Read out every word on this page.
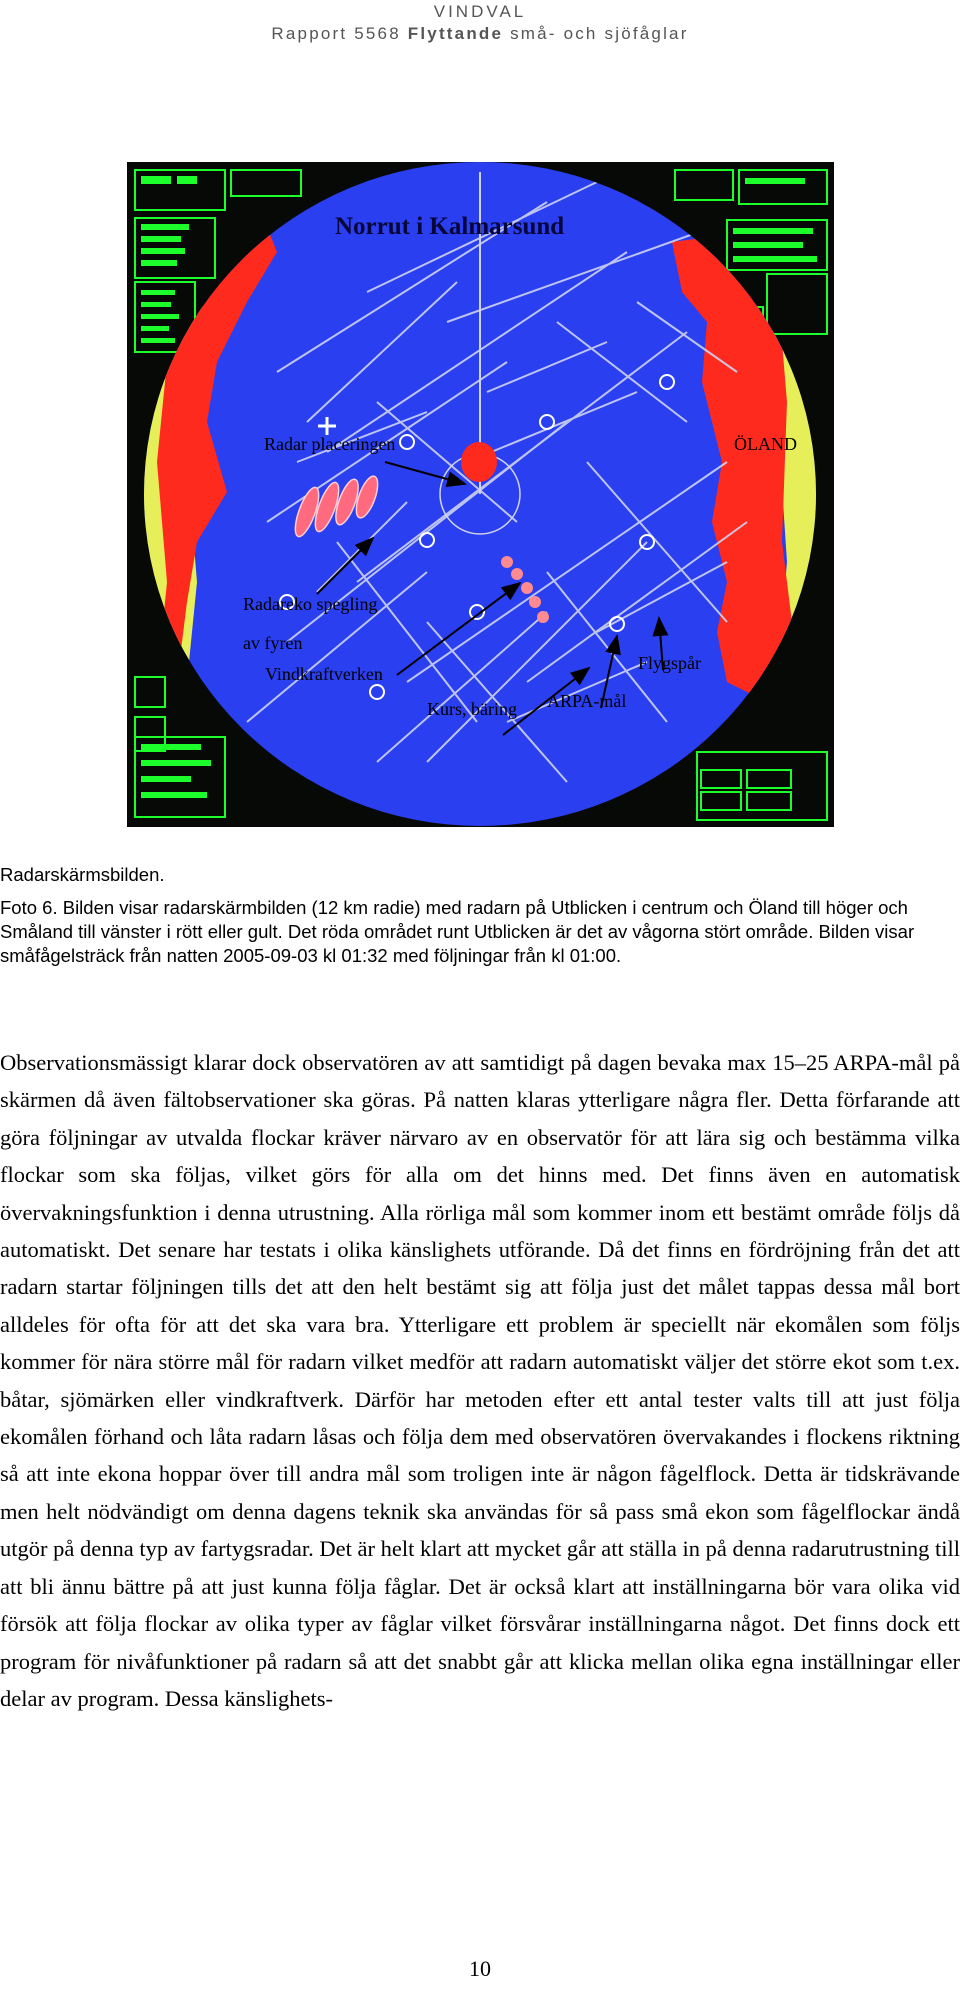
VINDVAL
Rapport 5568 Flyttande små- och sjöfåglar
Norrut i Kalmarsund
Radar placeringen	ÖLAND
Radareko spegling
av fyren
Vindkraftverken
Flygspår
Kurs, bäring ARPA-mål
Radarskärmsbilden.
Foto 6. Bilden visar radarskärmbilden (12 km radie) med radarn på Utblicken i centrum och Öland till höger och Småland till vänster i rött eller gult. Det röda området runt Utblicken är det av vågorna stört område. Bilden visar småfågelsträck från natten 2005-09-03 kl 01:32 med följningar från kl 01:00.
Observationsmässigt klarar dock observatören av att samtidigt på dagen bevaka max 15–25 ARPA-mål på skärmen då även fältobservationer ska göras. På natten klaras ytterligare några fler. Detta förfarande att göra följningar av utvalda flockar kräver närvaro av en observatör för att lära sig och bestämma vilka flockar som ska följas, vilket görs för alla om det hinns med. Det finns även en automatisk övervakningsfunktion i denna utrustning. Alla rörliga mål som kommer inom ett bestämt område följs då automatiskt. Det senare har testats i olika känslighets utförande. Då det finns en fördröjning från det att radarn startar följningen tills det att den helt bestämt sig att följa just det målet tappas dessa mål bort alldeles för ofta för att det ska vara bra. Ytterligare ett problem är speciellt när ekomålen som följs kommer för nära större mål för radarn vilket medför att radarn automatiskt väljer det större ekot som t.ex. båtar, sjömärken eller vindkraftverk. Därför har metoden efter ett antal tester valts till att just följa ekomålen förhand och låta radarn låsas och följa dem med observatören övervakandes i flockens riktning så att inte ekona hoppar över till andra mål som troligen inte är någon fågelflock. Detta är tidskrävande men helt nödvändigt om denna dagens teknik ska användas för så pass små ekon som fågelflockar ändå utgör på denna typ av fartygsradar. Det är helt klart att mycket går att ställa in på denna radarutrustning till att bli ännu bättre på att just kunna följa fåglar. Det är också klart att inställningarna bör vara olika vid försök att följa flockar av olika typer av fåglar vilket försvårar inställningarna något. Det finns dock ett program för nivåfunktioner på radarn så att det snabbt går att klicka mellan olika egna inställningar eller delar av program. Dessa känslighets-
10
